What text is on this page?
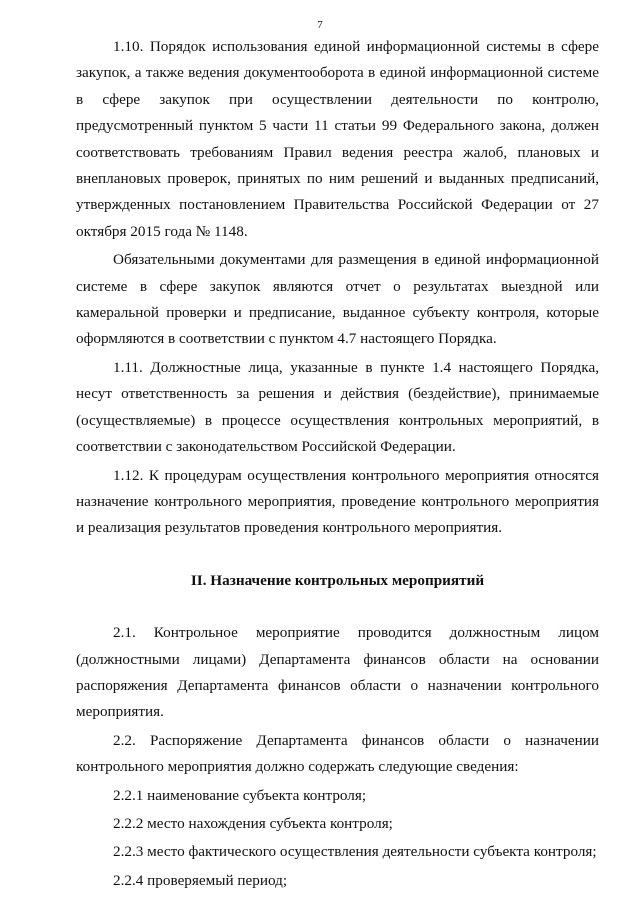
7

1.10. Порядок использования единой информационной системы в сфере закупок, а также ведения документооборота в единой информационной системе в сфере закупок при осуществлении деятельности по контролю, предусмотренный пунктом 5 части 11 статьи 99 Федерального закона, должен соответствовать требованиям Правил ведения реестра жалоб, плановых и внеплановых проверок, принятых по ним решений и выданных предписаний, утвержденных постановлением Правительства Российской Федерации от 27 октября 2015 года № 1148.

Обязательными документами для размещения в единой информационной системе в сфере закупок являются отчет о результатах выездной или камеральной проверки и предписание, выданное субъекту контроля, которые оформляются в соответствии с пунктом 4.7 настоящего Порядка.

1.11. Должностные лица, указанные в пункте 1.4 настоящего Порядка, несут ответственность за решения и действия (бездействие), принимаемые (осуществляемые) в процессе осуществления контрольных мероприятий, в соответствии с законодательством Российской Федерации.

1.12. К процедурам осуществления контрольного мероприятия относятся назначение контрольного мероприятия, проведение контрольного мероприятия и реализация результатов проведения контрольного мероприятия.

II. Назначение контрольных мероприятий

2.1. Контрольное мероприятие проводится должностным лицом (должностными лицами) Департамента финансов области на основании распоряжения Департамента финансов области о назначении контрольного мероприятия.

2.2. Распоряжение Департамента финансов области о назначении контрольного мероприятия должно содержать следующие сведения:

2.2.1 наименование субъекта контроля;

2.2.2 место нахождения субъекта контроля;

2.2.3 место фактического осуществления деятельности субъекта контроля;

2.2.4 проверяемый период;
